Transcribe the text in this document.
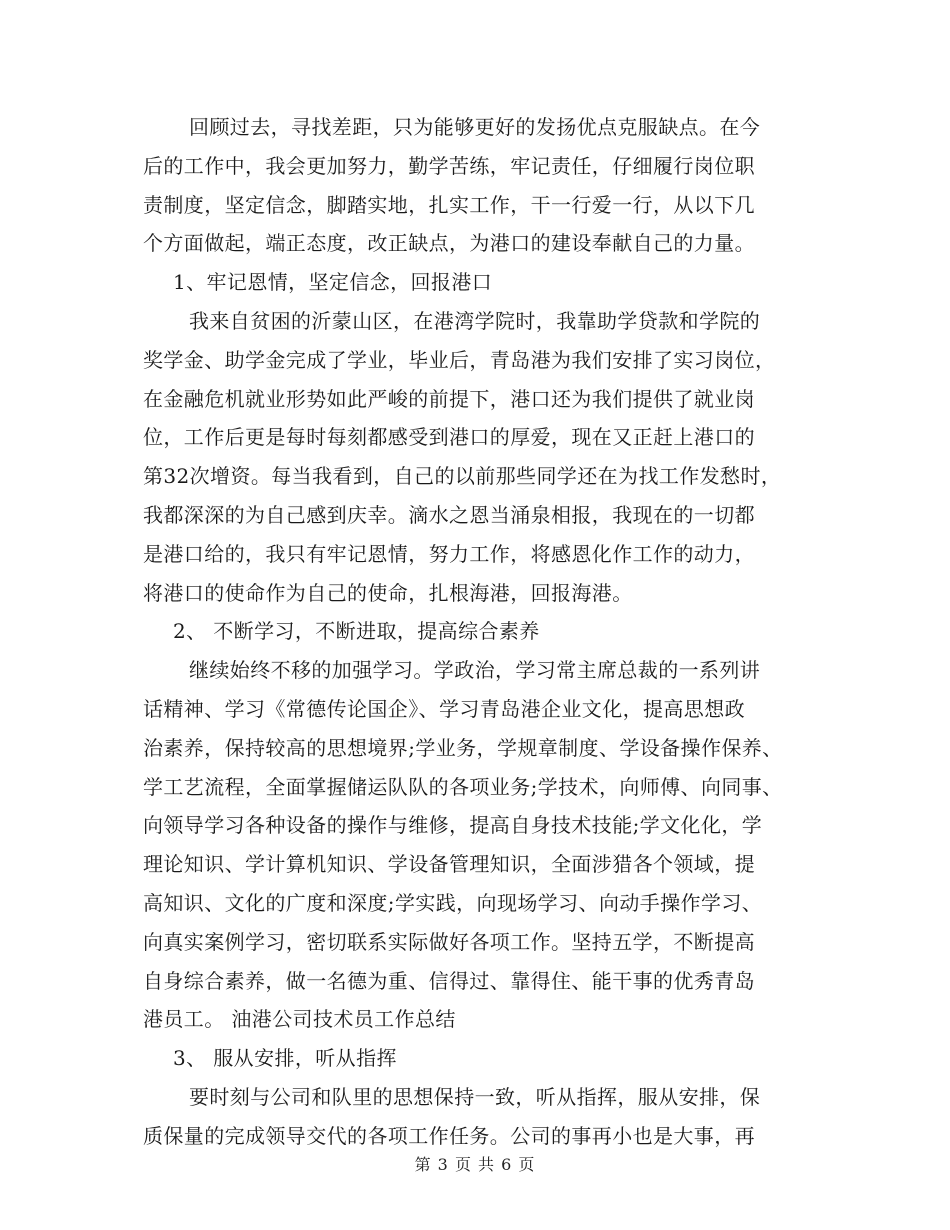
回顾过去，寻找差距，只为能够更好的发扬优点克服缺点。在今
后的工作中，我会更加努力，勤学苦练，牢记责任，仔细履行岗位职
责制度，坚定信念，脚踏实地，扎实工作，干一行爱一行，从以下几
个方面做起，端正态度，改正缺点，为港口的建设奉献自己的力量。
1、牢记恩情，坚定信念，回报港口
我来自贫困的沂蒙山区，在港湾学院时，我靠助学贷款和学院的
奖学金、助学金完成了学业，毕业后，青岛港为我们安排了实习岗位，
在金融危机就业形势如此严峻的前提下，港口还为我们提供了就业岗
位，工作后更是每时每刻都感受到港口的厚爱，现在又正赶上港口的
第32次增资。每当我看到，自己的以前那些同学还在为找工作发愁时，
我都深深的为自己感到庆幸。滴水之恩当涌泉相报，我现在的一切都
是港口给的，我只有牢记恩情，努力工作，将感恩化作工作的动力，
将港口的使命作为自己的使命，扎根海港，回报海港。
2、 不断学习，不断进取，提高综合素养
继续始终不移的加强学习。学政治，学习常主席总裁的一系列讲
话精神、学习《常德传论国企》、学习青岛港企业文化，提高思想政
治素养，保持较高的思想境界;学业务，学规章制度、学设备操作保养、
学工艺流程，全面掌握储运队队的各项业务;学技术，向师傅、向同事、
向领导学习各种设备的操作与维修，提高自身技术技能;学文化化，学
理论知识、学计算机知识、学设备管理知识，全面涉猎各个领域，提
高知识、文化的广度和深度;学实践，向现场学习、向动手操作学习、
向真实案例学习，密切联系实际做好各项工作。坚持五学，不断提高
自身综合素养，做一名德为重、信得过、靠得住、能干事的优秀青岛
港员工。 油港公司技术员工作总结
3、 服从安排，听从指挥
要时刻与公司和队里的思想保持一致，听从指挥，服从安排，保
质保量的完成领导交代的各项工作任务。公司的事再小也是大事，再
第 3 页 共 6 页
